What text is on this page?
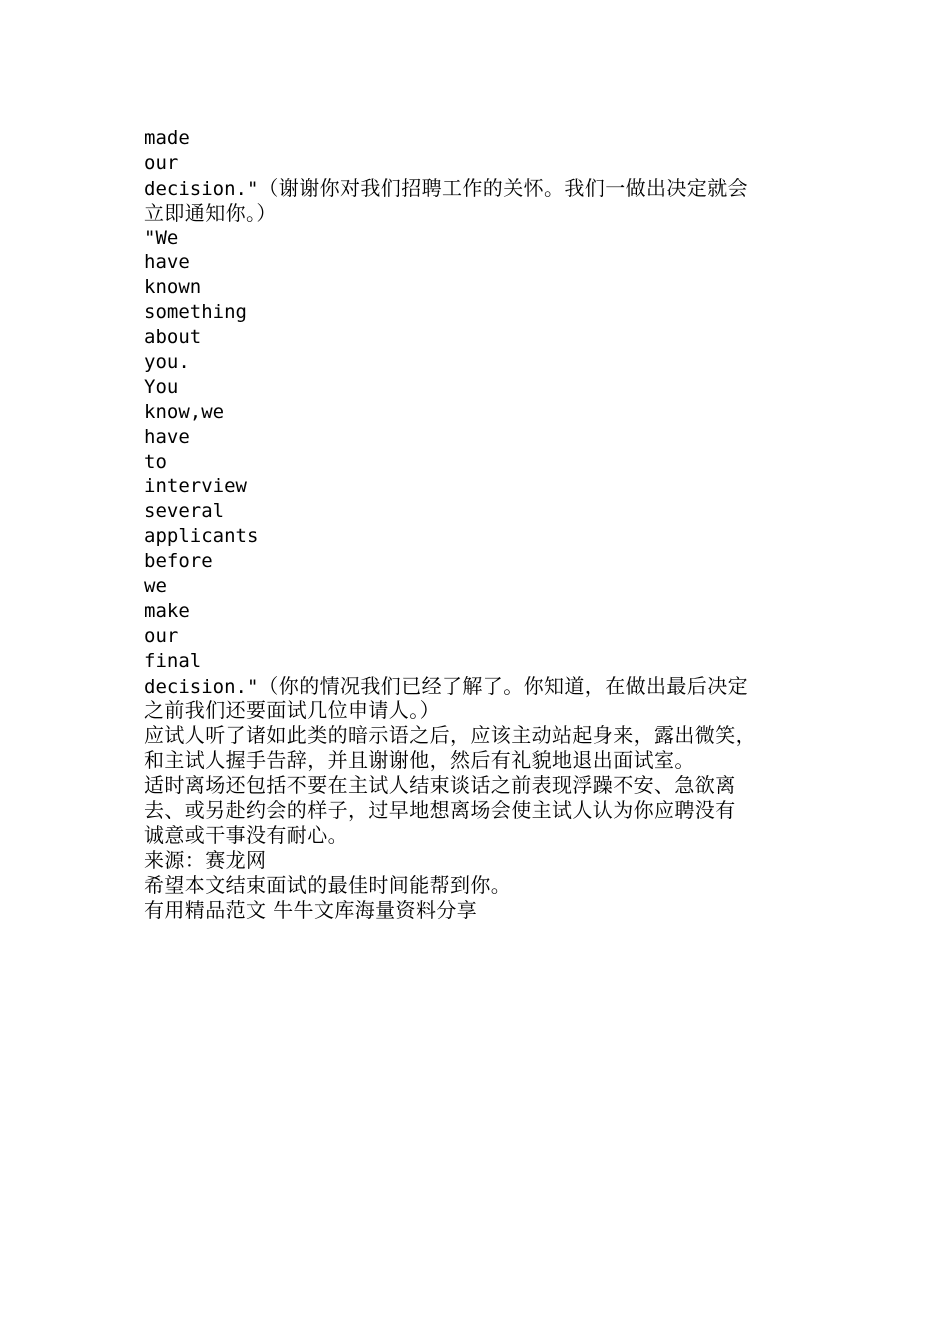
made
our
decision."（谢谢你对我们招聘工作的关怀。我们一做出决定就会
立即通知你。）
"We
have
known
something
about
you.
You
know,we
have
to
interview
several
applicants
before
we
make
our
final
decision."（你的情况我们已经了解了。你知道，在做出最后决定
之前我们还要面试几位申请人。）
应试人听了诸如此类的暗示语之后，应该主动站起身来，露出微笑，
和主试人握手告辞，并且谢谢他，然后有礼貌地退出面试室。
适时离场还包括不要在主试人结束谈话之前表现浮躁不安、急欲离
去、或另赴约会的样子，过早地想离场会使主试人认为你应聘没有
诚意或干事没有耐心。
来源：赛龙网
希望本文结束面试的最佳时间能帮到你。
有用精品范文 牛牛文库海量资料分享
